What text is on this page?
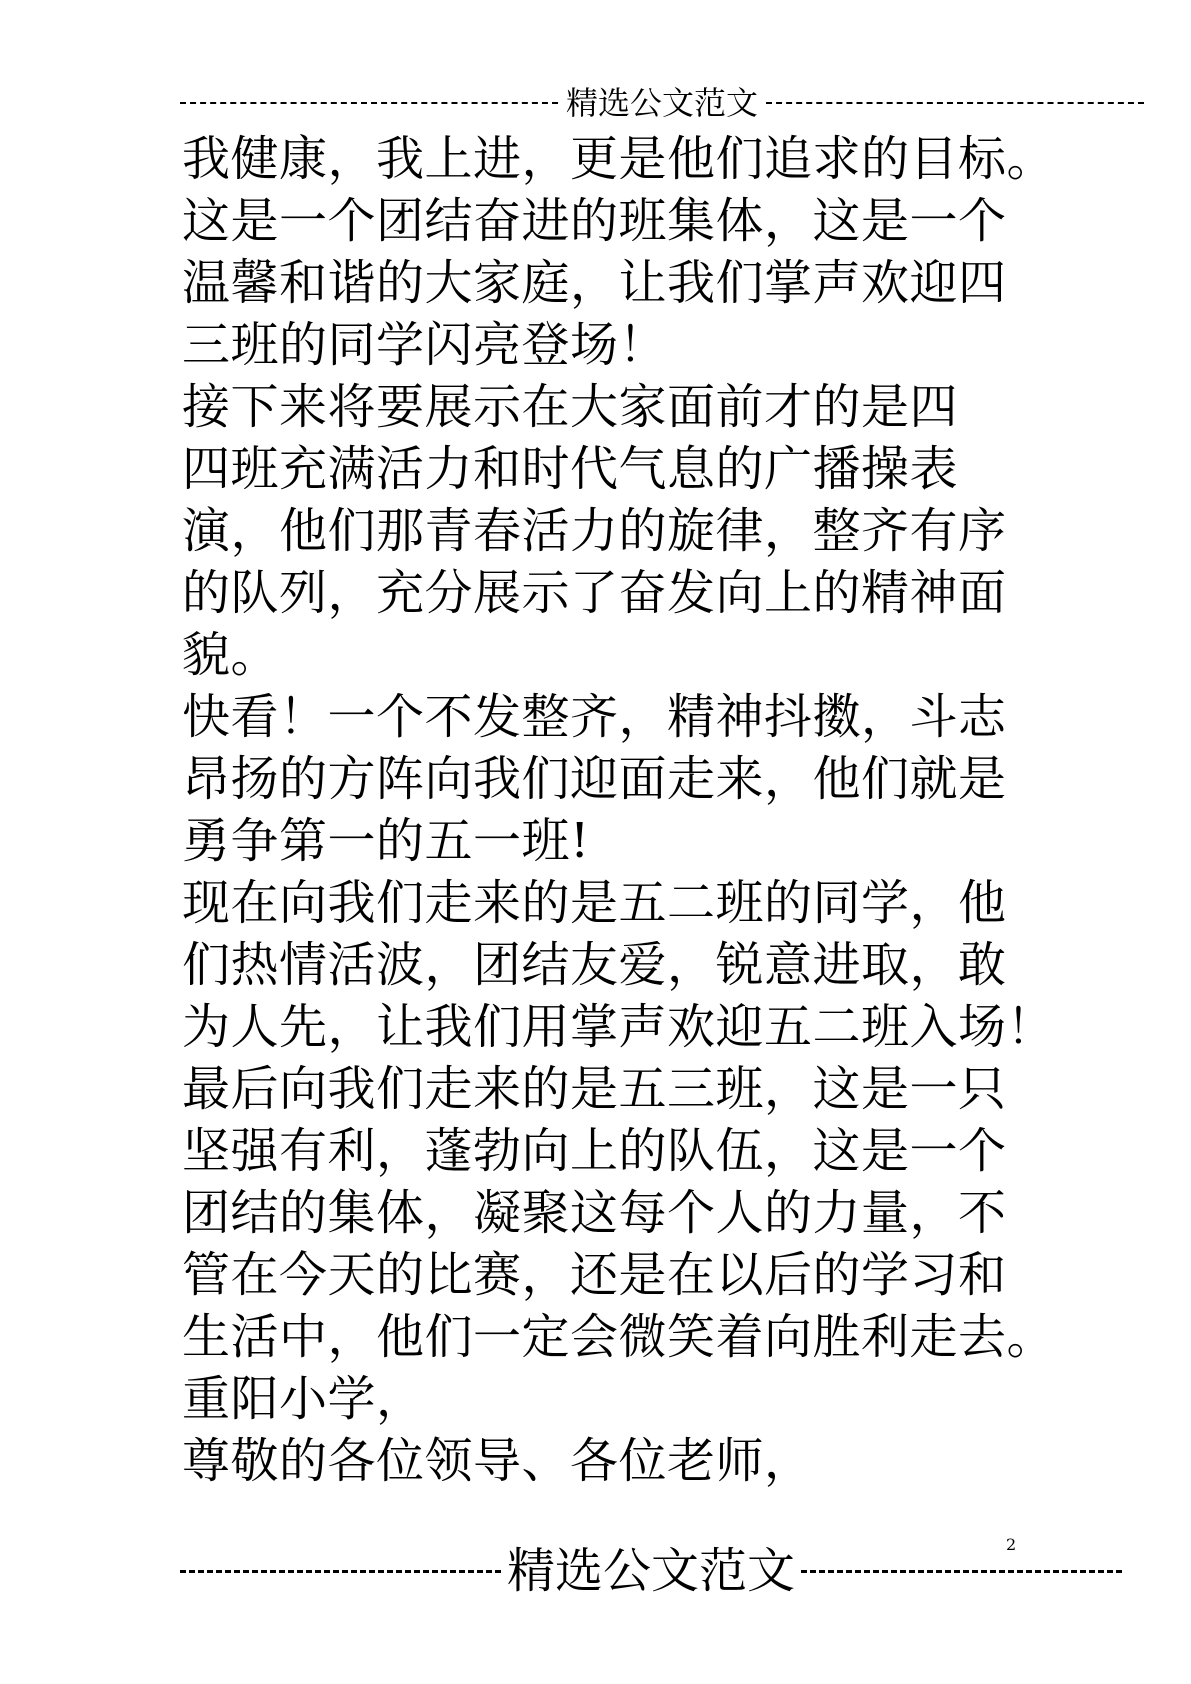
精选公文范文
我健康，我上进，更是他们追求的目标。
这是一个团结奋进的班集体，这是一个
温馨和谐的大家庭，让我们掌声欢迎四
三班的同学闪亮登场！
接下来将要展示在大家面前才的是四
四班充满活力和时代气息的广播操表
演，他们那青春活力的旋律，整齐有序
的队列，充分展示了奋发向上的精神面
貌。
快看！一个不发整齐，精神抖擞，斗志
昂扬的方阵向我们迎面走来，他们就是
勇争第一的五一班!
现在向我们走来的是五二班的同学，他
们热情活波，团结友爱，锐意进取，敢
为人先，让我们用掌声欢迎五二班入场！
最后向我们走来的是五三班，这是一只
坚强有利，蓬勃向上的队伍，这是一个
团结的集体，凝聚这每个人的力量，不
管在今天的比赛，还是在以后的学习和
生活中，他们一定会微笑着向胜利走去。
重阳小学，
尊敬的各位领导、各位老师，
精选公文范文	2
